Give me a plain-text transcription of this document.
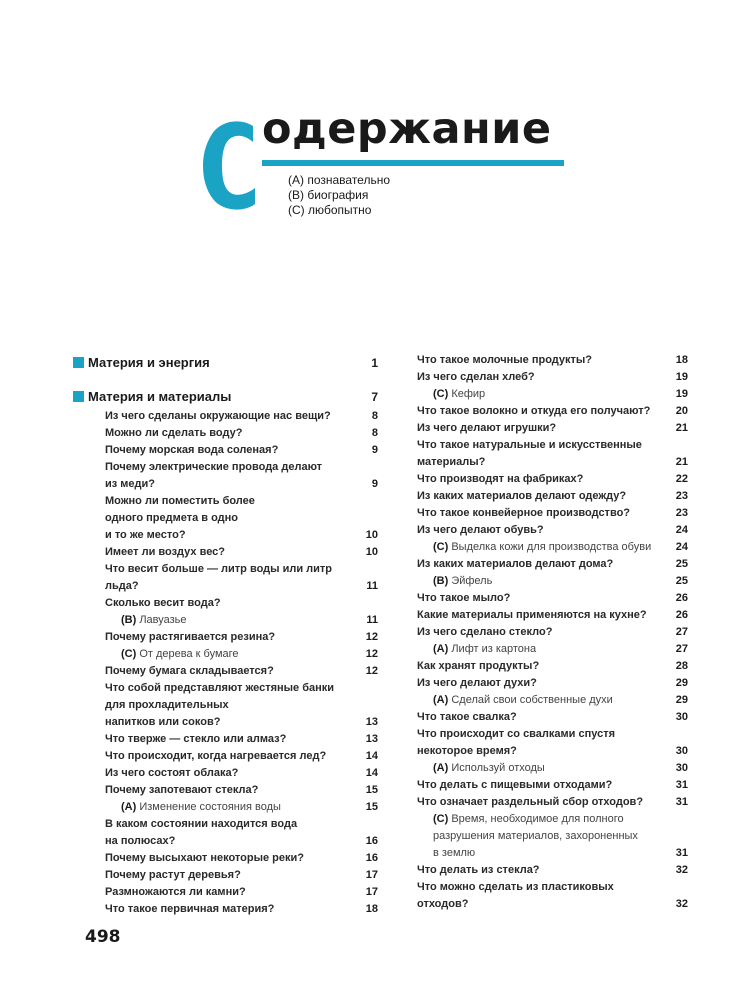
одержание
(А) познавательно
(В) биография
(С) любопытно
Материя и энергия	1
Материя и материалы	7
Из чего сделаны окружающие нас вещи?	8
Можно ли сделать воду?	8
Почему морская вода соленая?	9
Почему электрические провода делают
из меди?	9
Можно ли поместить более
одного предмета в одно
и то же место?	10
Имеет ли воздух вес?	10
Что весит больше — литр воды или литр
льда?	11
Сколько весит вода?
(В) Лавуазье	11
Почему растягивается резина?	12
(С) От дерева к бумаге	12
Почему бумага складывается?	12
Что собой представляют жестяные банки
для прохладительных
напитков или соков?	13
Что тверже — стекло или алмаз?	13
Что происходит, когда нагревается лед?	14
Из чего состоят облака?	14
Почему запотевают стекла?	15
(А) Изменение состояния воды	15
В каком состоянии находится вода
на полюсах?	16
Почему высыхают некоторые реки?	16
Почему растут деревья?	17
Размножаются ли камни?	17
Что такое первичная материя?	18
Что такое молочные продукты?	18
Из чего сделан хлеб?	19
(С) Кефир	19
Что такое волокно и откуда его получают? 20
Из чего делают игрушки?	21
Что такое натуральные и искусственные
материалы?	21
Что производят на фабриках?	22
Из каких материалов делают одежду?	23
Что такое конвейерное производство?	23
Из чего делают обувь?	24
(С) Выделка кожи для производства обуви 24
Из каких материалов делают дома?	25
(В) Эйфель	25
Что такое мыло?	26
Какие материалы применяются на кухне?	26
Из чего сделано стекло?	27
(А) Лифт из картона	27
Как хранят продукты?	28
Из чего делают духи?	29
(А) Сделай свои собственные духи	29
Что такое свалка?	30
Что происходит со свалками спустя
некоторое время?	30
(А) Используй отходы	30
Что делать с пищевыми отходами?	31
Что означает раздельный сбор отходов?	31
(С) Время, необходимое для полного
разрушения материалов, захороненных
в землю	31
Что делать из стекла?	32
Что можно сделать из пластиковых
отходов?	32
498
